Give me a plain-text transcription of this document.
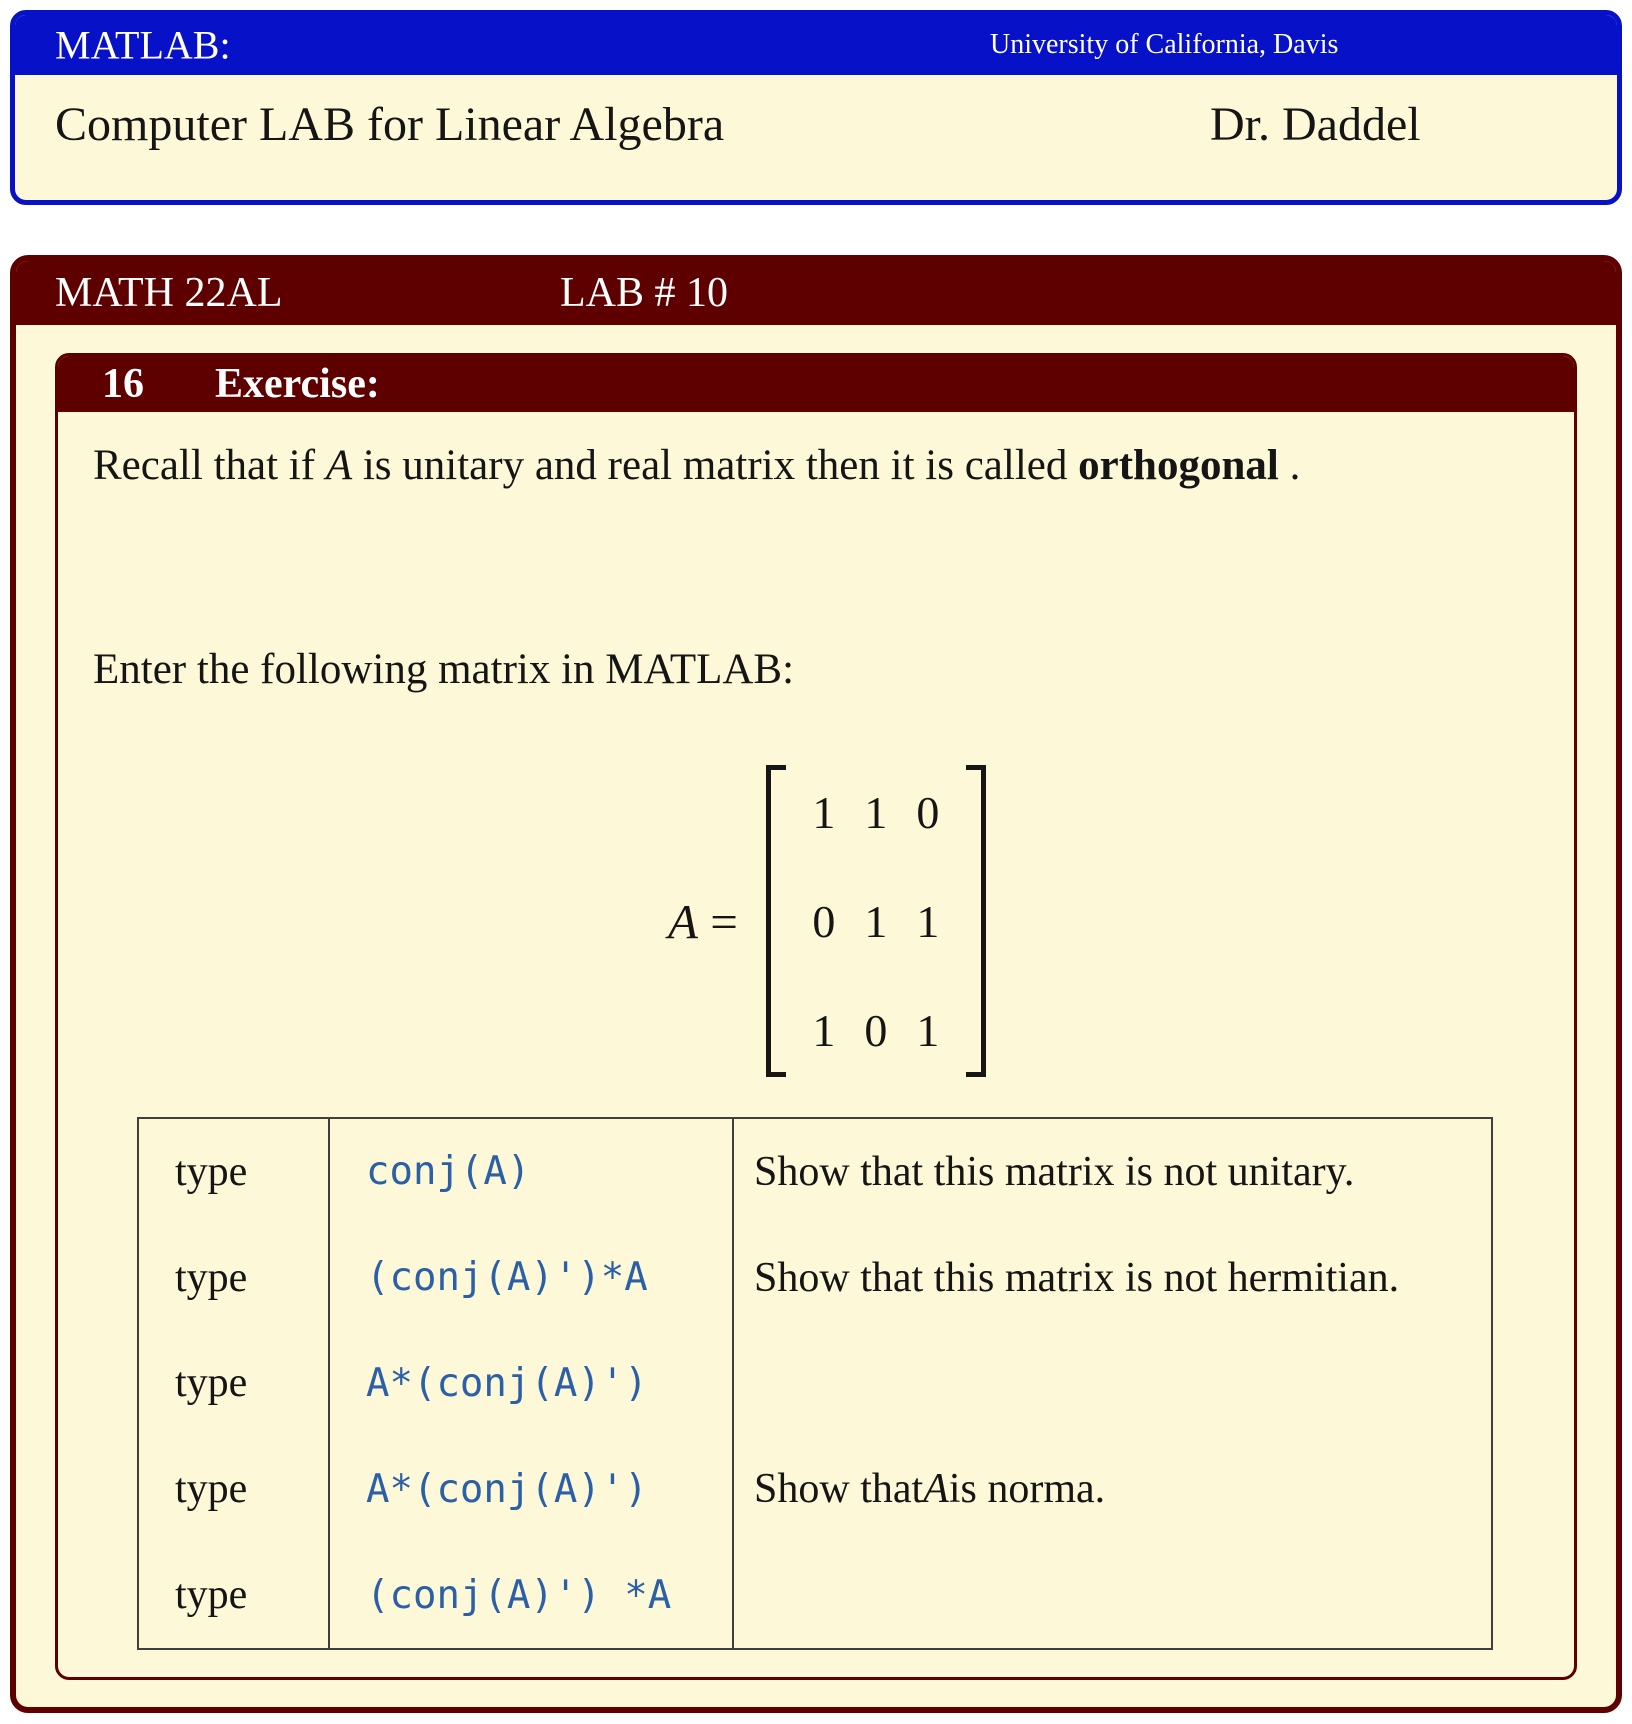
MATLAB:	University of California, Davis
Computer LAB for Linear Algebra	Dr. Daddel
MATH 22AL	LAB # 10
16 Exercise:
Recall that if A is unitary and real matrix then it is called orthogonal .
Enter the following matrix in MATLAB:
A =
1 1 0
0 1 1
1 0 1
type	conj(A)	Show that this matrix is not unitary.
type	(conj(A)')*A	Show that this matrix is not hermitian.
type	A*(conj(A)')
type	A*(conj(A)')	Show that A is norma.
type	(conj(A)') *A
